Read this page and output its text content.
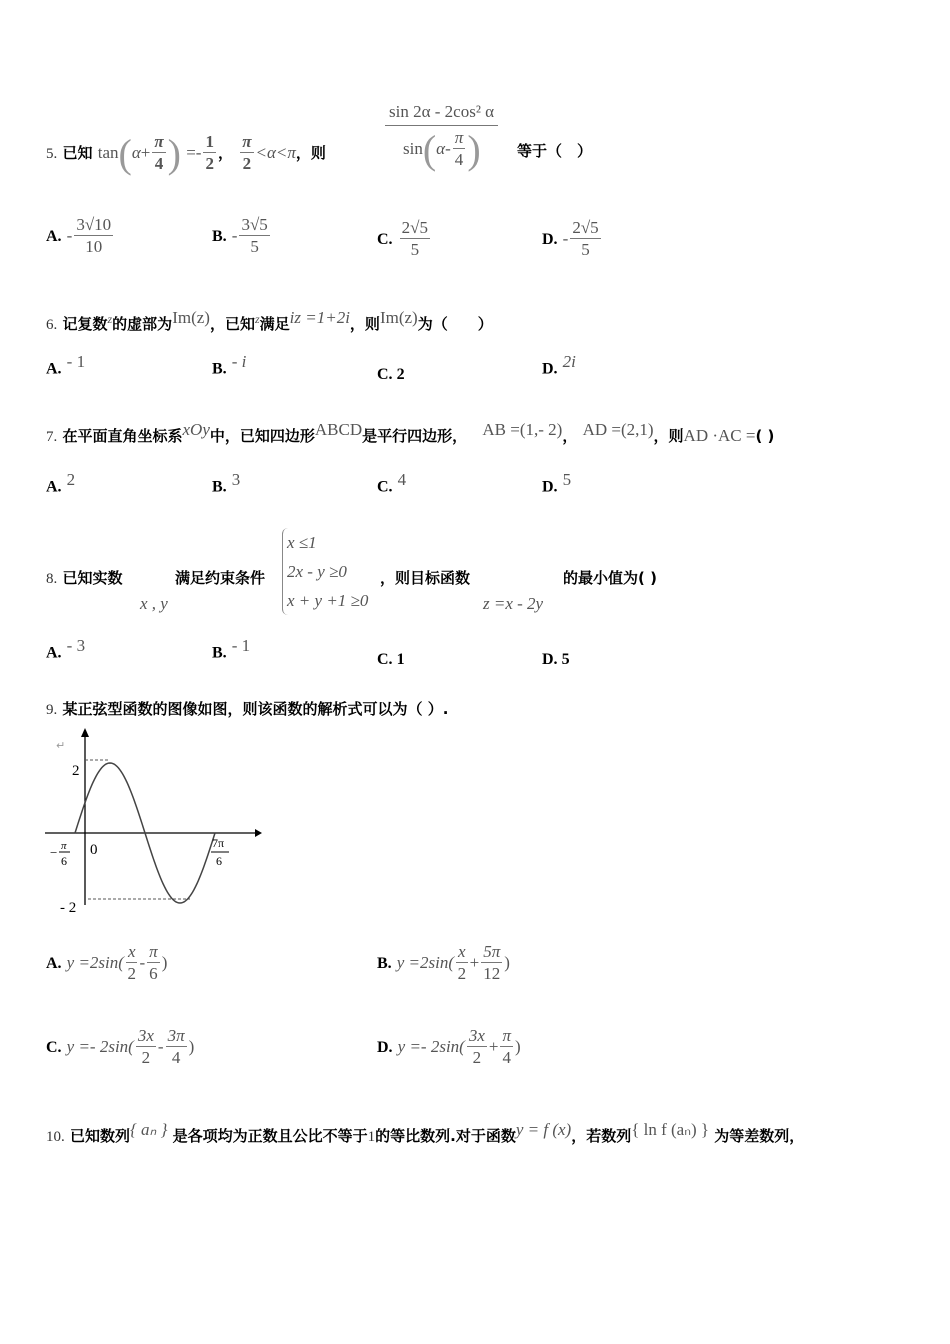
5. 已知 $\tan(\alpha+ \frac{\pi}{4}$ ) =- $\frac{1}{2}$ ， $\frac{\pi}{2} <\alpha<\pi$，则
sin 2α - 2cos² α
$\sin(\alpha- \frac{\pi}{4}$ )	等于（　）
A. - $\frac{3√10}{10}$	B. - $\frac{3√5}{5}$	C. $\frac{2√5}{5}$	D. - $\frac{2√5}{5}$
6. 记复数$^z$的虚部为$^{Im(z)}$，已知$^z$满足$^{iz =1+2i}$，则$^{Im(z)}$为（　　）
A. $^{- 1}$	B. $^{- i}$
C. 2	D. $^{2i}$
7. 在平面直角坐标系$^{xOy}$中，已知四边形$^{ABCD}$是平行四边形， $^{AB =(1,- 2)}$， $^{AD =(2,1)}$，则AD ·AC =( )
A. $^2$	B. $^3$	C. $^4$	D. $^5$
8. 已知实数
x , y
满足约束条件
x ≤1
2x - y ≥0
x + y +1 ≥0
，则目标函数
z =x - 2y
的最小值为( )
A. $^{- 3}$	B. $^{- 1}$
C. 1	D. 5
9. 某正弦型函数的图像如图，则该函数的解析式可以为（ ）.
↵
2
- 2
0
− π
6
7π
6
A. $y =2\sin( \frac{x}{2} - \frac{\pi}{6}$ )	B. $y =2\sin( \frac{x}{2} + \frac{5\pi}{12}$ )
C. $y =- 2\sin( \frac{3x}{2} - \frac{3\pi}{4}$ )	D. $y =- 2\sin( \frac{3x}{2} + \frac{\pi}{4}$ )
10. 已知数列$^{\{ a_n \}}$ 是各项均为正数且公比不等于1的等比数列.对于函数$^{y = f (x)}$，若数列$^{\{ ln f (a_n) \}}$ 为等差数列，
